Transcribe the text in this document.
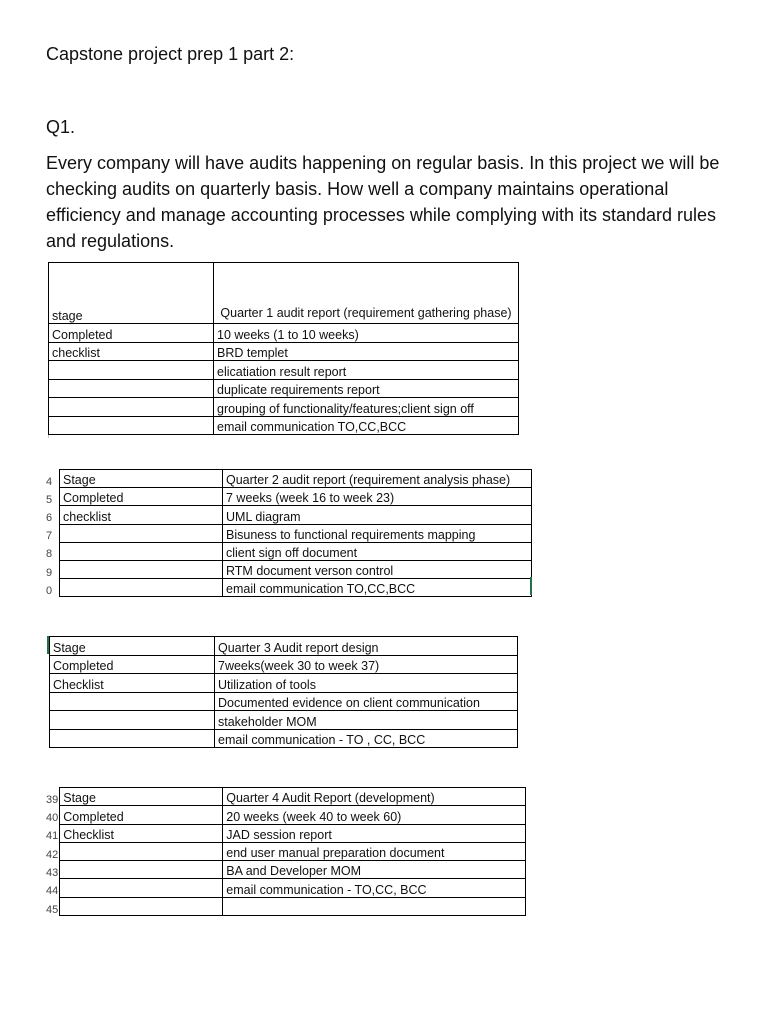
Capstone project prep 1 part 2:
Q1.

Every company will have audits happening on regular basis. In this project we will be checking audits on quarterly basis. How well a company maintains operational efficiency and manage accounting processes while complying with its standard rules and regulations.

stage	Quarter 1 audit report (requirement gathering phase)

Completed	10 weeks (1 to 10 weeks)
checklist	BRD templet
	elicatiation result report
	duplicate requirements report
	grouping of functionality/features;client sign off
	email communication TO,CC,BCC
4	Stage	Quarter 2 audit report (requirement analysis phase)
5	Completed	7 weeks (week 16 to week 23)
6	checklist	UML diagram
7		Bisuness to functional requirements mapping
8		client sign off document
9		RTM document verson control
0		email communication TO,CC,BCC
Stage	Quarter 3 Audit report design
Completed	7weeks(week 30 to week 37)
Checklist	Utilization of tools
	Documented evidence on client communication
	stakeholder MOM
	email communication - TO , CC, BCC
39	Stage	Quarter 4 Audit Report (development)
40	Completed	20 weeks (week 40 to week 60)
41	Checklist	JAD session report
42		end user manual preparation document
43		BA and Developer MOM
44		email communication - TO,CC, BCC
45		
